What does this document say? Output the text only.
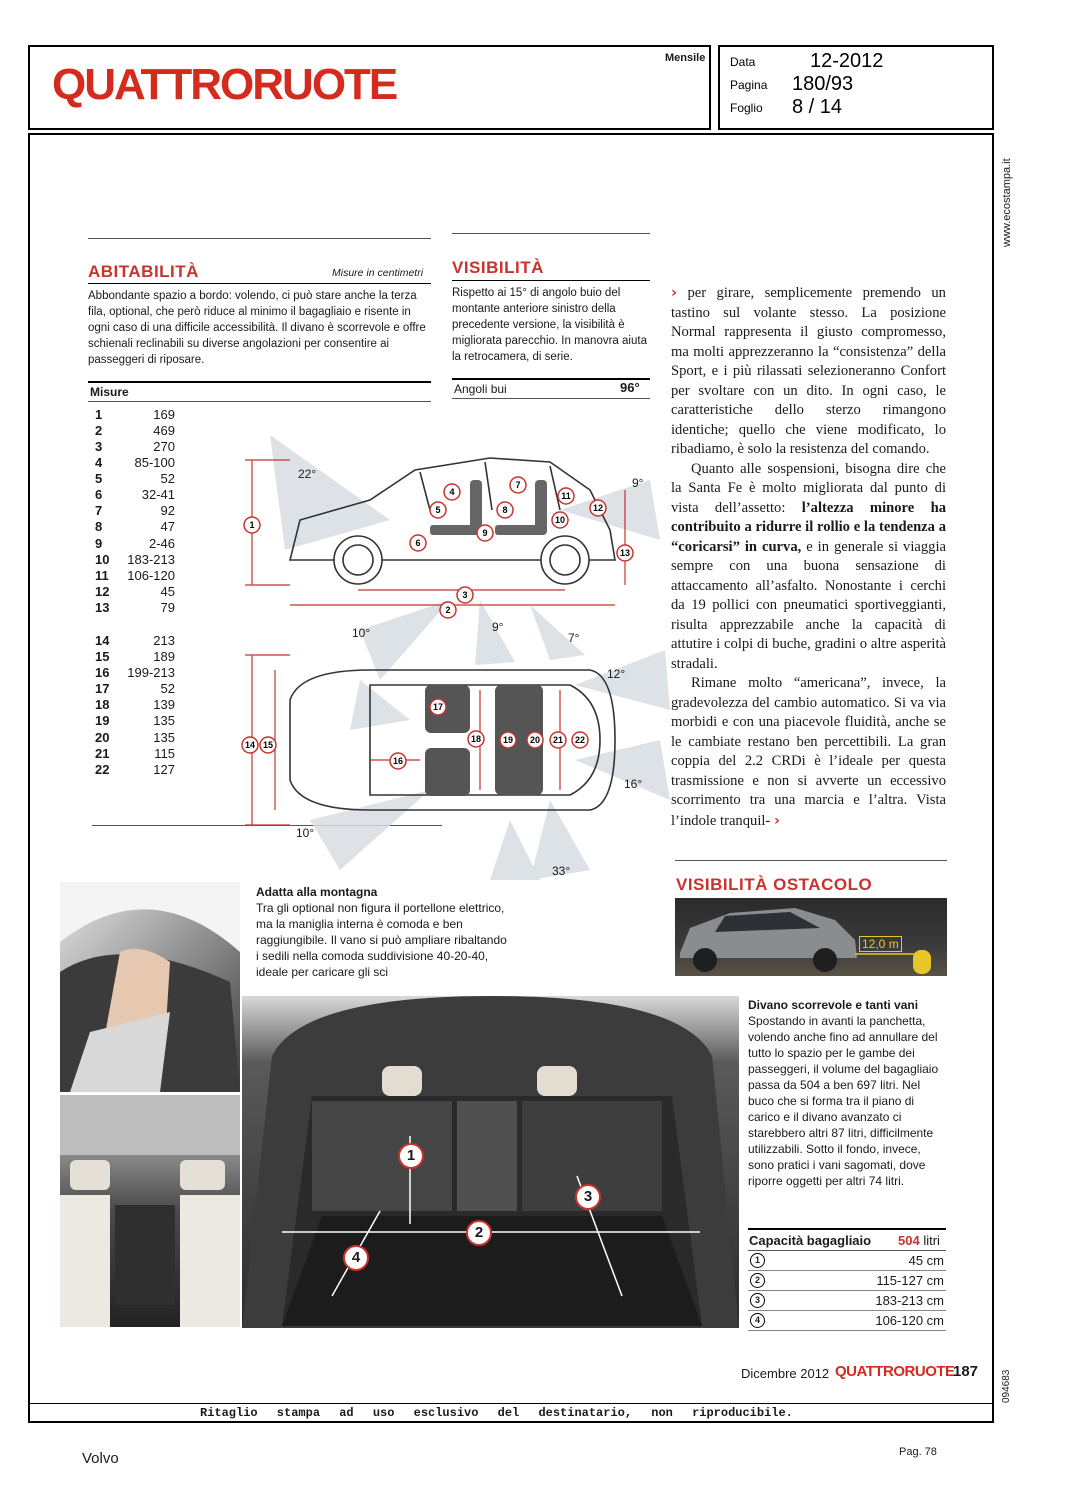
QUATTRORUOTE
Mensile Data	12-2012
Pagina 180/93
Foglio 8 / 14
www.ecostampa.it
094683
ABITABILITÀ	Misure in centimetri
Abbondante spazio a bordo: volendo, ci può stare anche la terza fila, optional, che però riduce al minimo il bagagliaio e risente in ogni caso di una difficile accessibilità. Il divano è scorrevole e offre schienali reclinabili su diverse angolazioni per consentire ai passeggeri di riposare.
Misure
1	169
2	469
3	270
4 85-100
5	52
6	32-41
7	92
8	47
9	2-46
10 183-213
11 106-120
12	45
13	79
14	213
15	189
16 199-213
17	52
18	139
19	135
20	135
21	115
22	127
VISIBILITÀ
Rispetto ai 15° di angolo buio del montante anteriore sinistro della precedente versione, la visibilità è migliorata parecchio. In manovra aiuta la retrocamera, di serie.
Angoli bui	96°
1
2
3
4
5
6
7
8
9
10
11
12
13
14 15
16
17
18 19 20 21 22
22°
9°
10°	9°
7°
12°
16°
10°
33°

› per girare, semplicemente premendo un tastino sul volante stesso. La posizione Normal rappresenta il giusto compromesso, ma molti apprezzeranno la “consistenza” della Sport, e i più rilassati selezioneranno Confort per svoltare con un dito. In ogni caso, le caratteristiche dello sterzo rimangono identiche; quello che viene modificato, lo ribadiamo, è solo la resistenza del comando.

Quanto alle sospensioni, bisogna dire che la Santa Fe è molto migliorata dal punto di vista dell’assetto: l’altezza minore ha contribuito a ridurre il rollio e la tendenza a “coricarsi” in curva, e in generale si viaggia sempre con una buona sensazione di attaccamento all’asfalto. Nonostante i cerchi da 19 pollici con pneumatici sportiveggianti, risulta apprezzabile anche la capacità di attutire i colpi di buche, gradini o altre asperità stradali.

Rimane molto “americana”, invece, la gradevolezza del cambio automatico. Si va via morbidi e con una piacevole fluidità, anche se le cambiate restano ben percettibili. La gran coppia del 2.2 CRDi è l’ideale per questa trasmissione e non si avverte un eccessivo scorrimento tra una marcia e l’altra. Vista l’indole tranquil- ›

VISIBILITÀ OSTACOLO
12,0 m
1
2
3
4
Adatta alla montagna
Tra gli optional non figura il portellone elettrico, ma la maniglia interna è comoda e ben raggiungibile. Il vano si può ampliare ribaltando i sedili nella comoda suddivisione 40-20-40, ideale per caricare gli sci
Divano scorrevole e tanti vani
Spostando in avanti la panchetta, volendo anche fino ad annullare del tutto lo spazio per le gambe dei passeggeri, il volume del bagagliaio passa da 504 a ben 697 litri. Nel buco che si forma tra il piano di carico e il divano avanzato ci starebbero altri 87 litri, difficilmente utilizzabili. Sotto il fondo, invece, sono pratici i vani sagomati, dove riporre oggetti per altri 74 litri.
Capacità bagagliaio 504 litri
1	45 cm
2	115-127 cm
3	183-213 cm
4	106-120 cm
Dicembre 2012 QUATTRORUOTE
187
Ritaglio stampa ad uso esclusivo del destinatario, non riproducibile.
Volvo	Pag. 78
